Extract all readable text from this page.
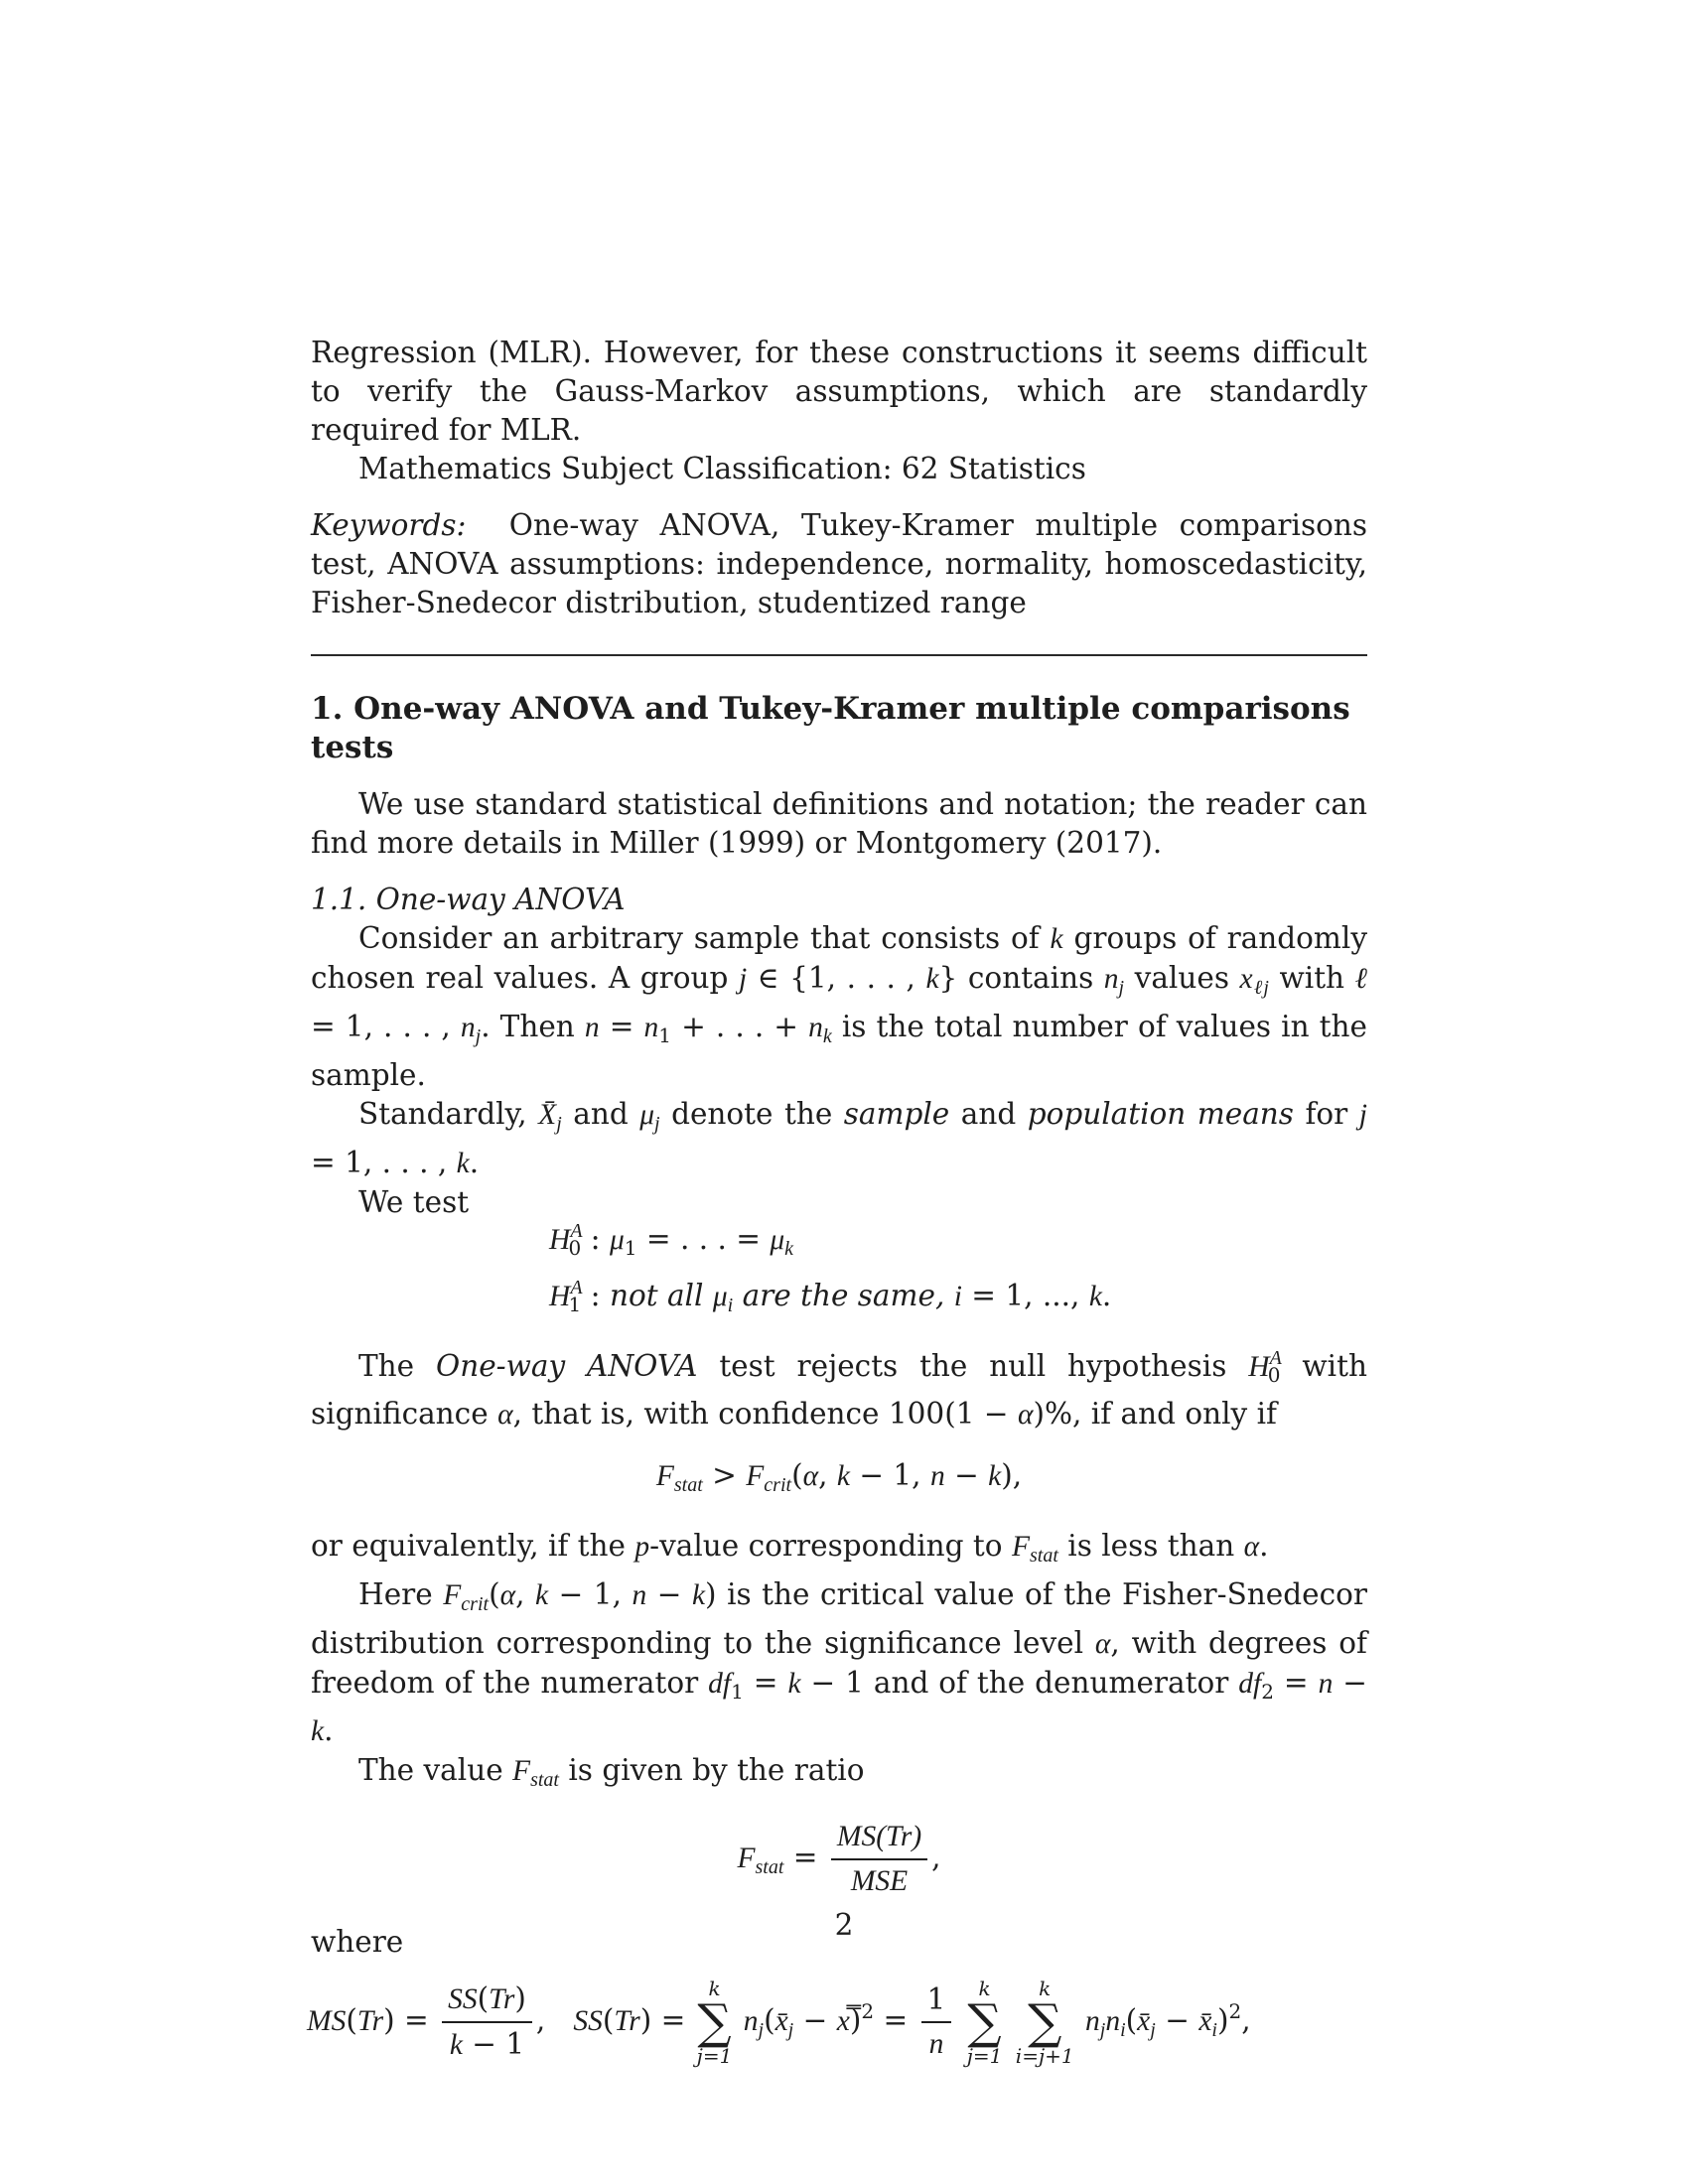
Regression (MLR). However, for these constructions it seems difficult to verify the Gauss-Markov assumptions, which are standardly required for MLR.

Mathematics Subject Classification: 62 Statistics

Keywords: One-way ANOVA, Tukey-Kramer multiple comparisons test, ANOVA assumptions: independence, normality, homoscedasticity, Fisher-Snedecor distribution, studentized range

1. One-way ANOVA and Tukey-Kramer multiple comparisons tests

We use standard statistical definitions and notation; the reader can find more details in Miller (1999) or Montgomery (2017).

1.1. One-way ANOVA

Consider an arbitrary sample that consists of k groups of randomly chosen real values. A group j ∈ {1, . . . , k} contains $n_j$ values $x_{\ell j}$ with ℓ = 1, . . . , $n_j$. Then $n = n_1$ + . . . + $n_k$ is the total number of values in the sample.

Standardly, $X̄_j$ and $\mu_j$ denote the sample and population means for j = 1, . . . , k.

We test

$H^A_0$ : $\mu_1$ = . . . = $\mu_k$
$H^A_1$ : not all $\mu_i$ are the same, i = 1, ..., k.

The One-way ANOVA test rejects the null hypothesis $H^A_0$ with significance α, that is, with confidence 100(1 − α)%, if and only if

$F_{stat} > F_{crit}(\alpha$, k − 1, n − k),

or equivalently, if the p-value corresponding to $F_{stat}$ is less than α.

Here $F_{crit}(\alpha$, k − 1, n − k) is the critical value of the Fisher-Snedecor distribution corresponding to the significance level α, with degrees of freedom of the numerator $df_1 = k - 1$ and of the denumerator $df_2 = n - k$.

The value $F_{stat}$ is given by the ratio

$F_{stat} = \frac{MS(Tr)}{\text{MSE}}$ ,

where

$MS(Tr) = \frac{SS(Tr)}{k - 1}$ ,   SS(Tr) =
k
∑
j=1
$n_j(x̄_j$ − x̿)$^2$ = $\frac{1}{n}$
	k
∑
j=1

k
∑
i=j+1
$n_jn_i(x̄_j$ − $x̄_i)^2$,
2
